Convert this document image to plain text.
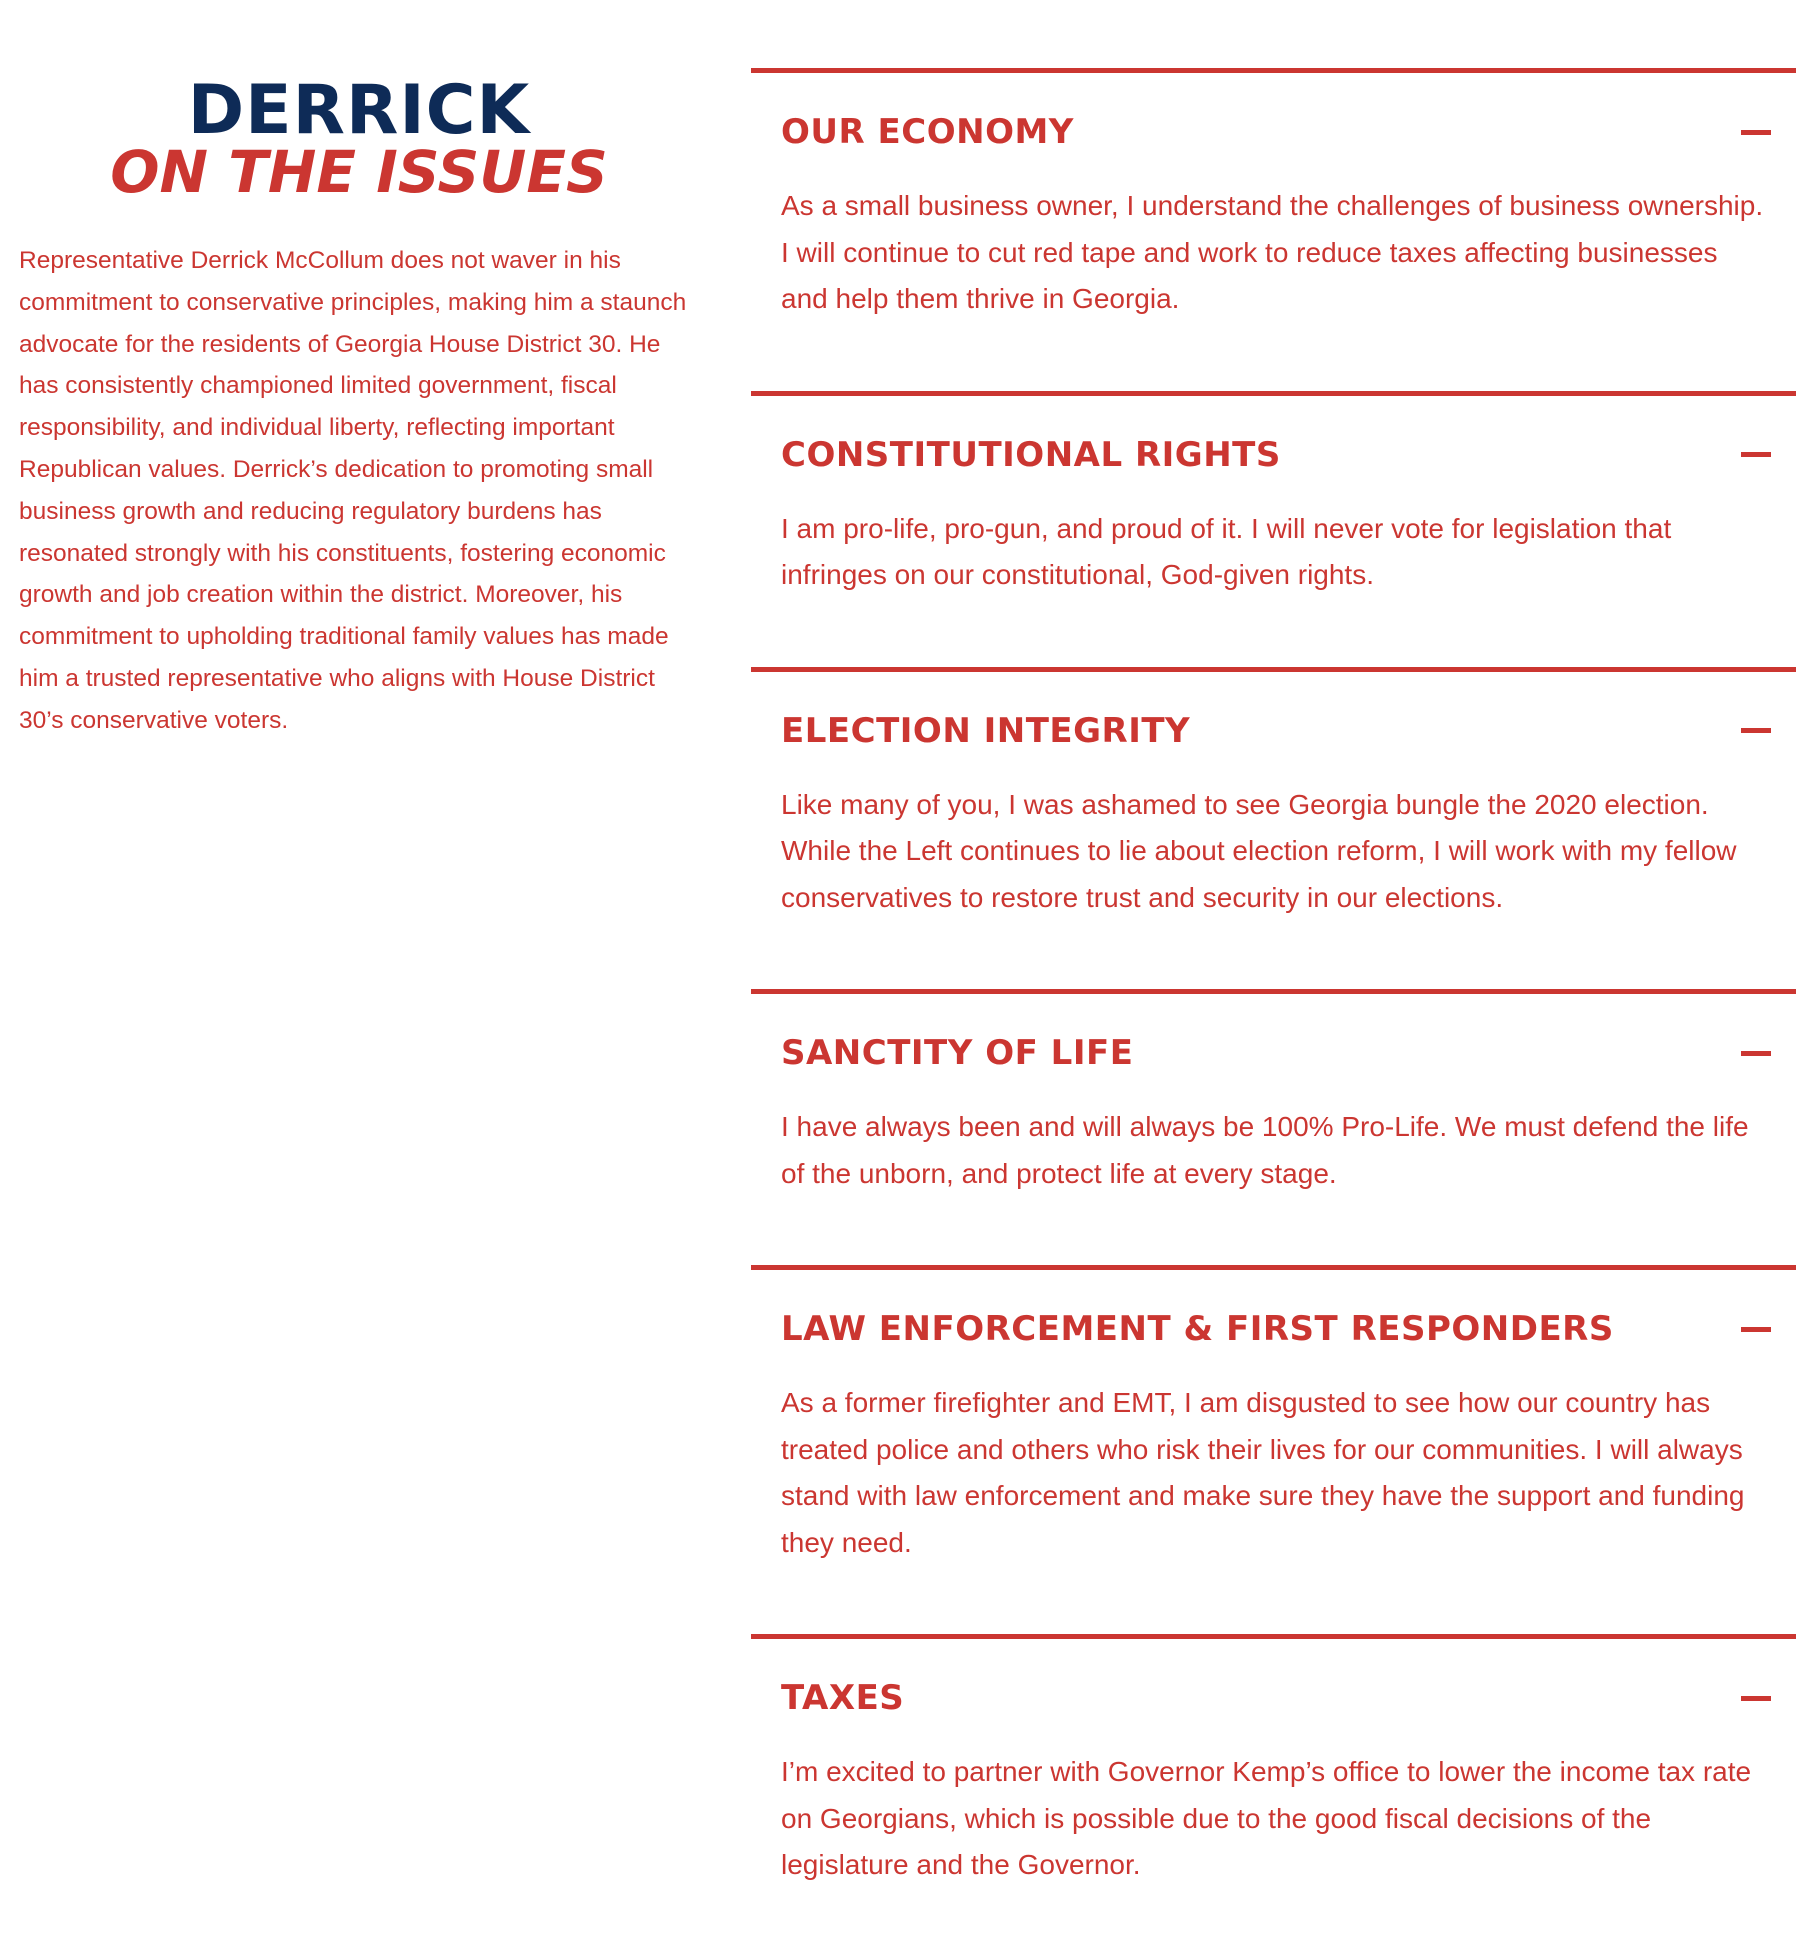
DERRICK
ON THE ISSUES

Representative Derrick McCollum does not waver in his commitment to conservative principles, making him a staunch advocate for the residents of Georgia House District 30. He has consistently championed limited government, fiscal responsibility, and individual liberty, reflecting important Republican values. Derrick’s dedication to promoting small business growth and reducing regulatory burdens has resonated strongly with his constituents, fostering economic growth and job creation within the district. Moreover, his commitment to upholding traditional family values has made him a trusted representative who aligns with House District 30’s conservative voters.

OUR ECONOMY
As a small business owner, I understand the challenges of business ownership. I will continue to cut red tape and work to reduce taxes affecting businesses and help them thrive in Georgia.
CONSTITUTIONAL RIGHTS
I am pro-life, pro-gun, and proud of it. I will never vote for legislation that infringes on our constitutional, God-given rights.
ELECTION INTEGRITY
Like many of you, I was ashamed to see Georgia bungle the 2020 election. While the Left continues to lie about election reform, I will work with my fellow conservatives to restore trust and security in our elections.
SANCTITY OF LIFE
I have always been and will always be 100% Pro-Life. We must defend the life of the unborn, and protect life at every stage.
LAW ENFORCEMENT & FIRST RESPONDERS
As a former firefighter and EMT, I am disgusted to see how our country has treated police and others who risk their lives for our communities. I will always stand with law enforcement and make sure they have the support and funding they need.
TAXES
I’m excited to partner with Governor Kemp’s office to lower the income tax rate on Georgians, which is possible due to the good fiscal decisions of the legislature and the Governor.
